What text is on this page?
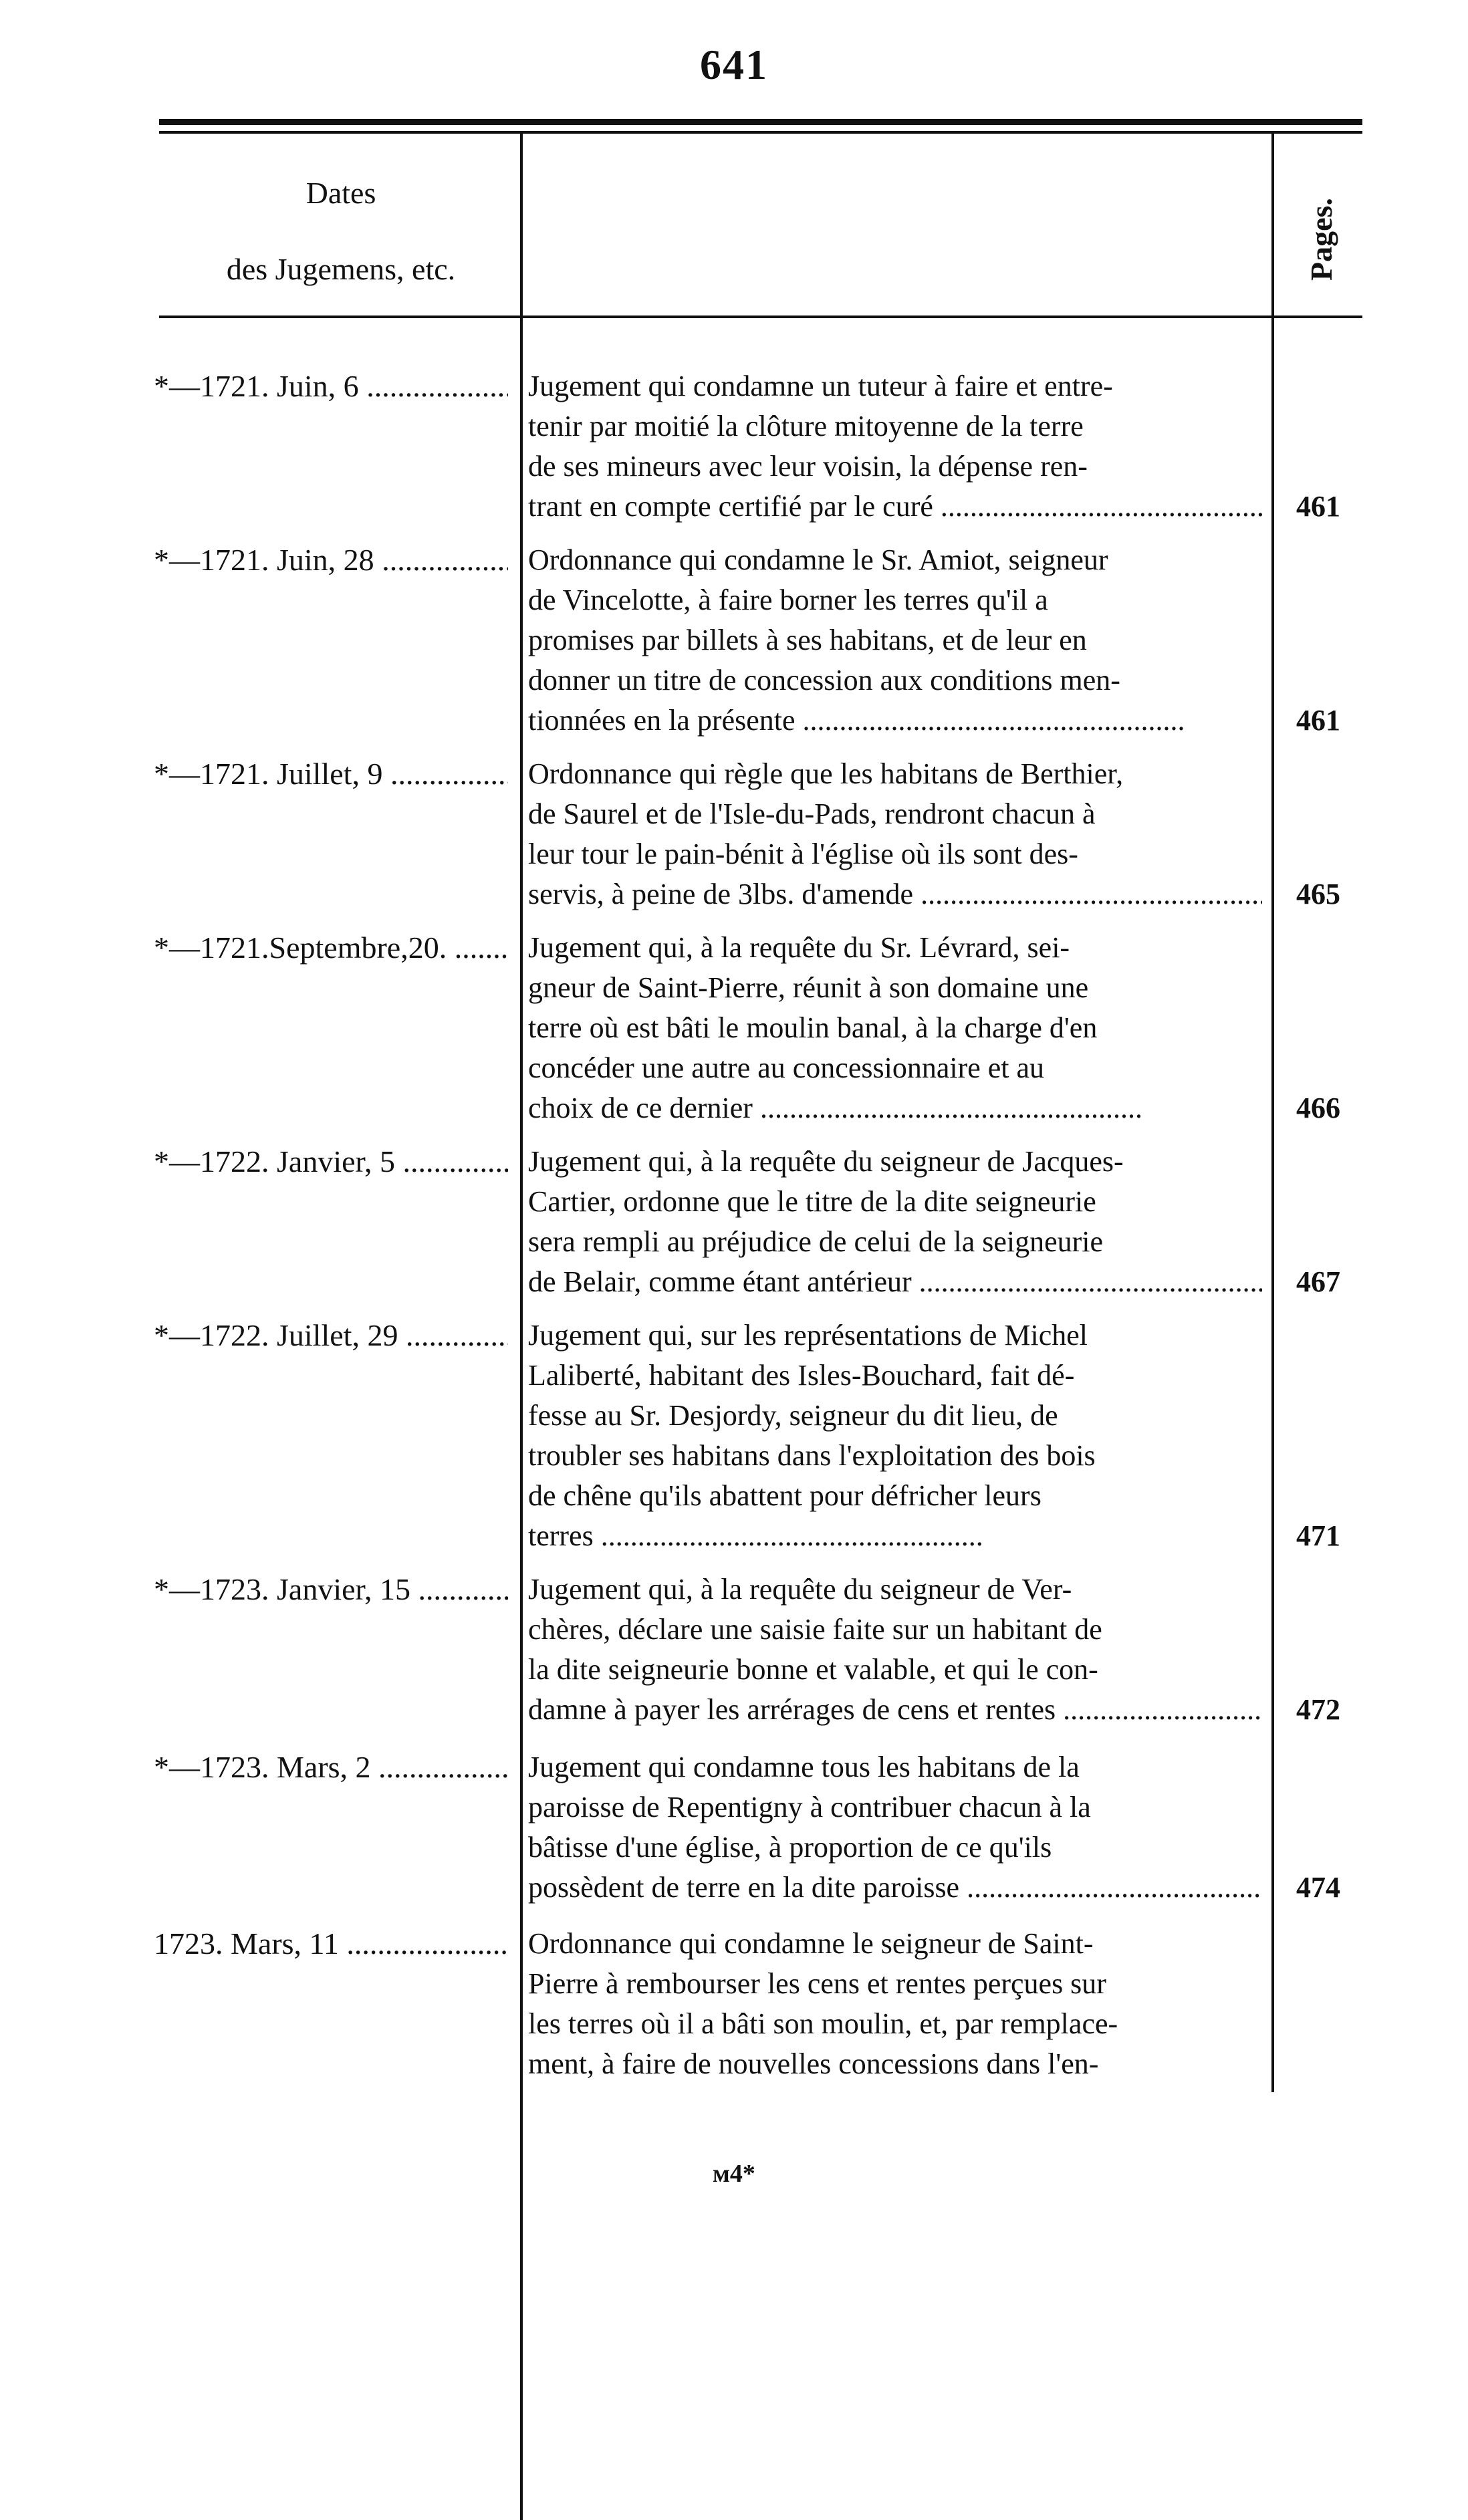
641
Dates
des Jugemens, etc.	Pages.
*—1721. Juin, 6 .....	Jugement qui condamne un tuteur à faire et entre-
tenir par moitié la clôture mitoyenne de la terre
de ses mineurs avec leur voisin, la dépense ren-
trant en compte certifié par le curé .....	461
*—1721. Juin, 28 .....	Ordonnance qui condamne le Sr. Amiot, seigneur
de Vincelotte, à faire borner les terres qu'il a
promises par billets à ses habitans, et de leur en
donner un titre de concession aux conditions men-
tionnées en la présente .....	461
*—1721. Juillet, 9 .....	Ordonnance qui règle que les habitans de Berthier,
de Saurel et de l'Isle-du-Pads, rendront chacun à
leur tour le pain-bénit à l'église où ils sont des-
servis, à peine de 3lbs. d'amende .....	465
*—1721.Septembre,20. .....	Jugement qui, à la requête du Sr. Lévrard, sei-
gneur de Saint-Pierre, réunit à son domaine une
terre où est bâti le moulin banal, à la charge d'en
concéder une autre au concessionnaire et au
choix de ce dernier .....	466
*—1722. Janvier, 5 .....	Jugement qui, à la requête du seigneur de Jacques-
Cartier, ordonne que le titre de la dite seigneurie
sera rempli au préjudice de celui de la seigneurie
de Belair, comme étant antérieur .....	467
*—1722. Juillet, 29 .....	Jugement qui, sur les représentations de Michel
Laliberté, habitant des Isles-Bouchard, fait dé-
fesse au Sr. Desjordy, seigneur du dit lieu, de
troubler ses habitans dans l'exploitation des bois
de chêne qu'ils abattent pour défricher leurs
terres .....	471
*—1723. Janvier, 15 .....	Jugement qui, à la requête du seigneur de Ver-
chères, déclare une saisie faite sur un habitant de
la dite seigneurie bonne et valable, et qui le con-
damne à payer les arrérages de cens et rentes .....	472
*—1723. Mars, 2 .....	Jugement qui condamne tous les habitans de la
paroisse de Repentigny à contribuer chacun à la
bâtisse d'une église, à proportion de ce qu'ils
possèdent de terre en la dite paroisse .....	474
1723. Mars, 11 .....	Ordonnance qui condamne le seigneur de Saint-
Pierre à rembourser les cens et rentes perçues sur
les terres où il a bâti son moulin, et, par remplace-
ment, à faire de nouvelles concessions dans l'en-
м4*
